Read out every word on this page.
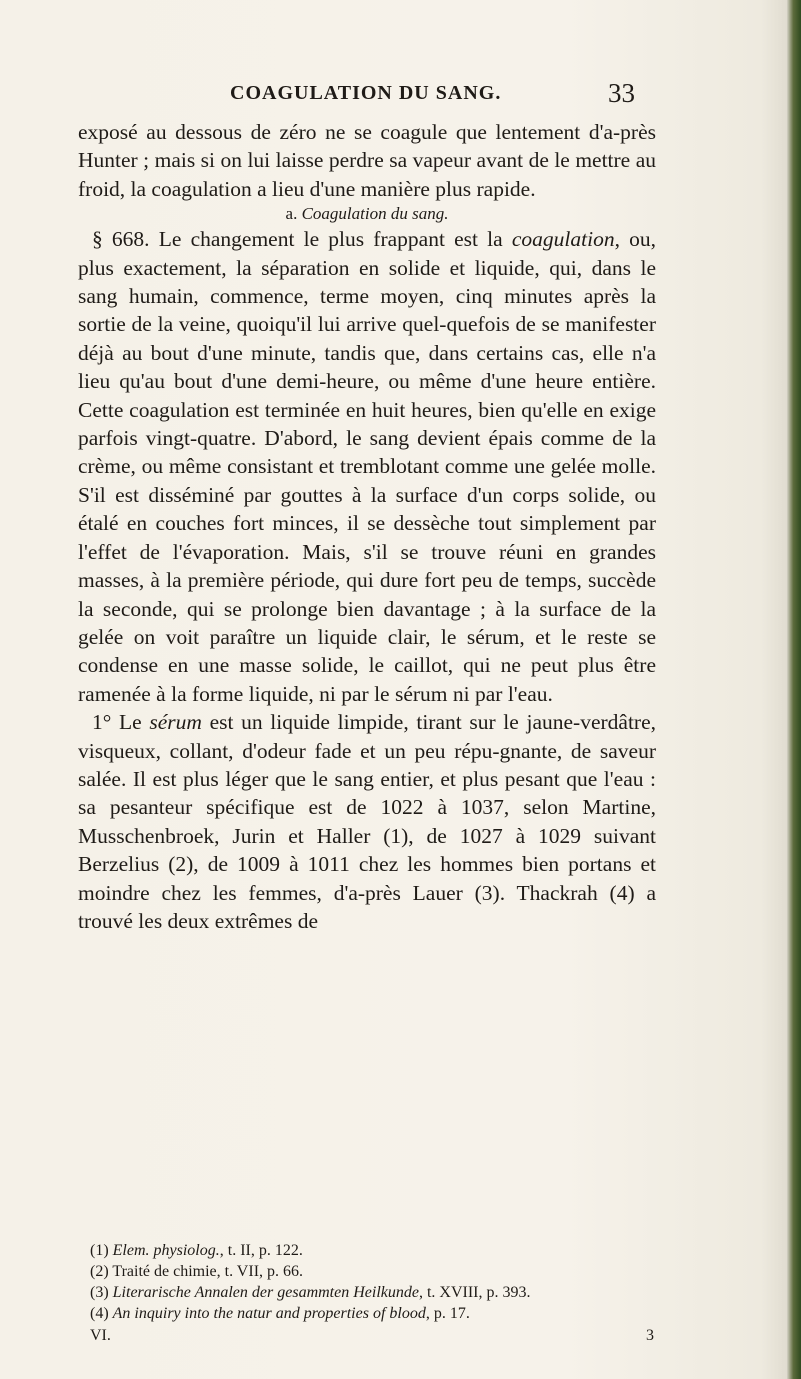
COAGULATION DU SANG.	33

exposé au dessous de zéro ne se coagule que lentement d'a-près Hunter ; mais si on lui laisse perdre sa vapeur avant de le mettre au froid, la coagulation a lieu d'une manière plus rapide.

a. Coagulation du sang.

§ 668. Le changement le plus frappant est la coagulation, ou, plus exactement, la séparation en solide et liquide, qui, dans le sang humain, commence, terme moyen, cinq minutes après la sortie de la veine, quoiqu'il lui arrive quel-quefois de se manifester déjà au bout d'une minute, tandis que, dans certains cas, elle n'a lieu qu'au bout d'une demi-heure, ou même d'une heure entière. Cette coagulation est terminée en huit heures, bien qu'elle en exige parfois vingt-quatre. D'abord, le sang devient épais comme de la crème, ou même consistant et tremblotant comme une gelée molle. S'il est disséminé par gouttes à la surface d'un corps solide, ou étalé en couches fort minces, il se dessèche tout simplement par l'effet de l'évaporation. Mais, s'il se trouve réuni en grandes masses, à la première période, qui dure fort peu de temps, succède la seconde, qui se prolonge bien davantage ; à la surface de la gelée on voit paraître un liquide clair, le sérum, et le reste se condense en une masse solide, le caillot, qui ne peut plus être ramenée à la forme liquide, ni par le sérum ni par l'eau.

1° Le sérum est un liquide limpide, tirant sur le jaune-verdâtre, visqueux, collant, d'odeur fade et un peu répu-gnante, de saveur salée. Il est plus léger que le sang entier, et plus pesant que l'eau : sa pesanteur spécifique est de 1022 à 1037, selon Martine, Musschenbroek, Jurin et Haller (1), de 1027 à 1029 suivant Berzelius (2), de 1009 à 1011 chez les hommes bien portans et moindre chez les femmes, d'a-près Lauer (3). Thackrah (4) a trouvé les deux extrêmes de

(1) Elem. physiolog., t. II, p. 122.

(2) Traité de chimie, t. VII, p. 66.

(3) Literarische Annalen der gesammten Heilkunde, t. XVIII, p. 393.

(4) An inquiry into the natur and properties of blood, p. 17.

VI.	3
